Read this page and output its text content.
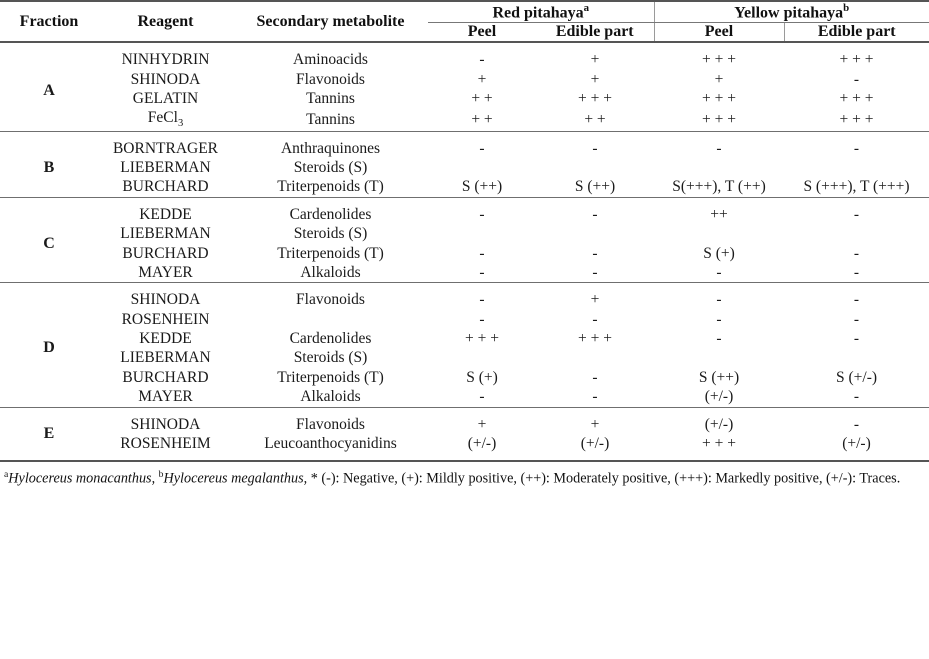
Fraction	Reagent	Secondary metabolite	Red pitahaya$^a$		Yellow pitahaya$^b$
			Peel	Edible part	Peel	Edible part

A	NINHYDRIN	Aminoacids	-	+	+ + +	+ + +
	SHINODA	Flavonoids	+	+	+	-
	GELATIN	Tannins	+ +	+ + +	+ + +	+ + +
	FeCl$_3$	Tannins	+ +	+ +	+ + +	+ + +

B	BORNTRAGER	Anthraquinones	-	-	-	-
	LIEBERMAN	Steroids (S)				
	BURCHARD	Triterpenoids (T)	S (++)	S (++)	S(+++), T (++)	S (+++), T (+++)

C	KEDDE	Cardenolides	-	-	++	-
	LIEBERMAN	Steroids (S)				
	BURCHARD	Triterpenoids (T)	-	-	S (+)	-
	MAYER	Alkaloids	-	-	-	-

D	SHINODA	Flavonoids	-	+	-	-
	ROSENHEIN		-	-	-	-
	KEDDE	Cardenolides	+ + +	+ + +	-	-
	LIEBERMAN	Steroids (S)				
	BURCHARD	Triterpenoids (T)	S (+)	-	S (++)	S (+/-)
	MAYER	Alkaloids	-	-	(+/-)	-

E	SHINODA	Flavonoids	+	+	(+/-)	-
	ROSENHEIM	Leucoanthocyanidins	(+/-)	(+/-)	+ + +	(+/-)

$^a$Hylocereus monacanthus, $^b$Hylocereus megalanthus, * (-): Negative, (+): Mildly positive, (++): Moderately positive, (+++): Markedly positive, (+/-): Traces.
